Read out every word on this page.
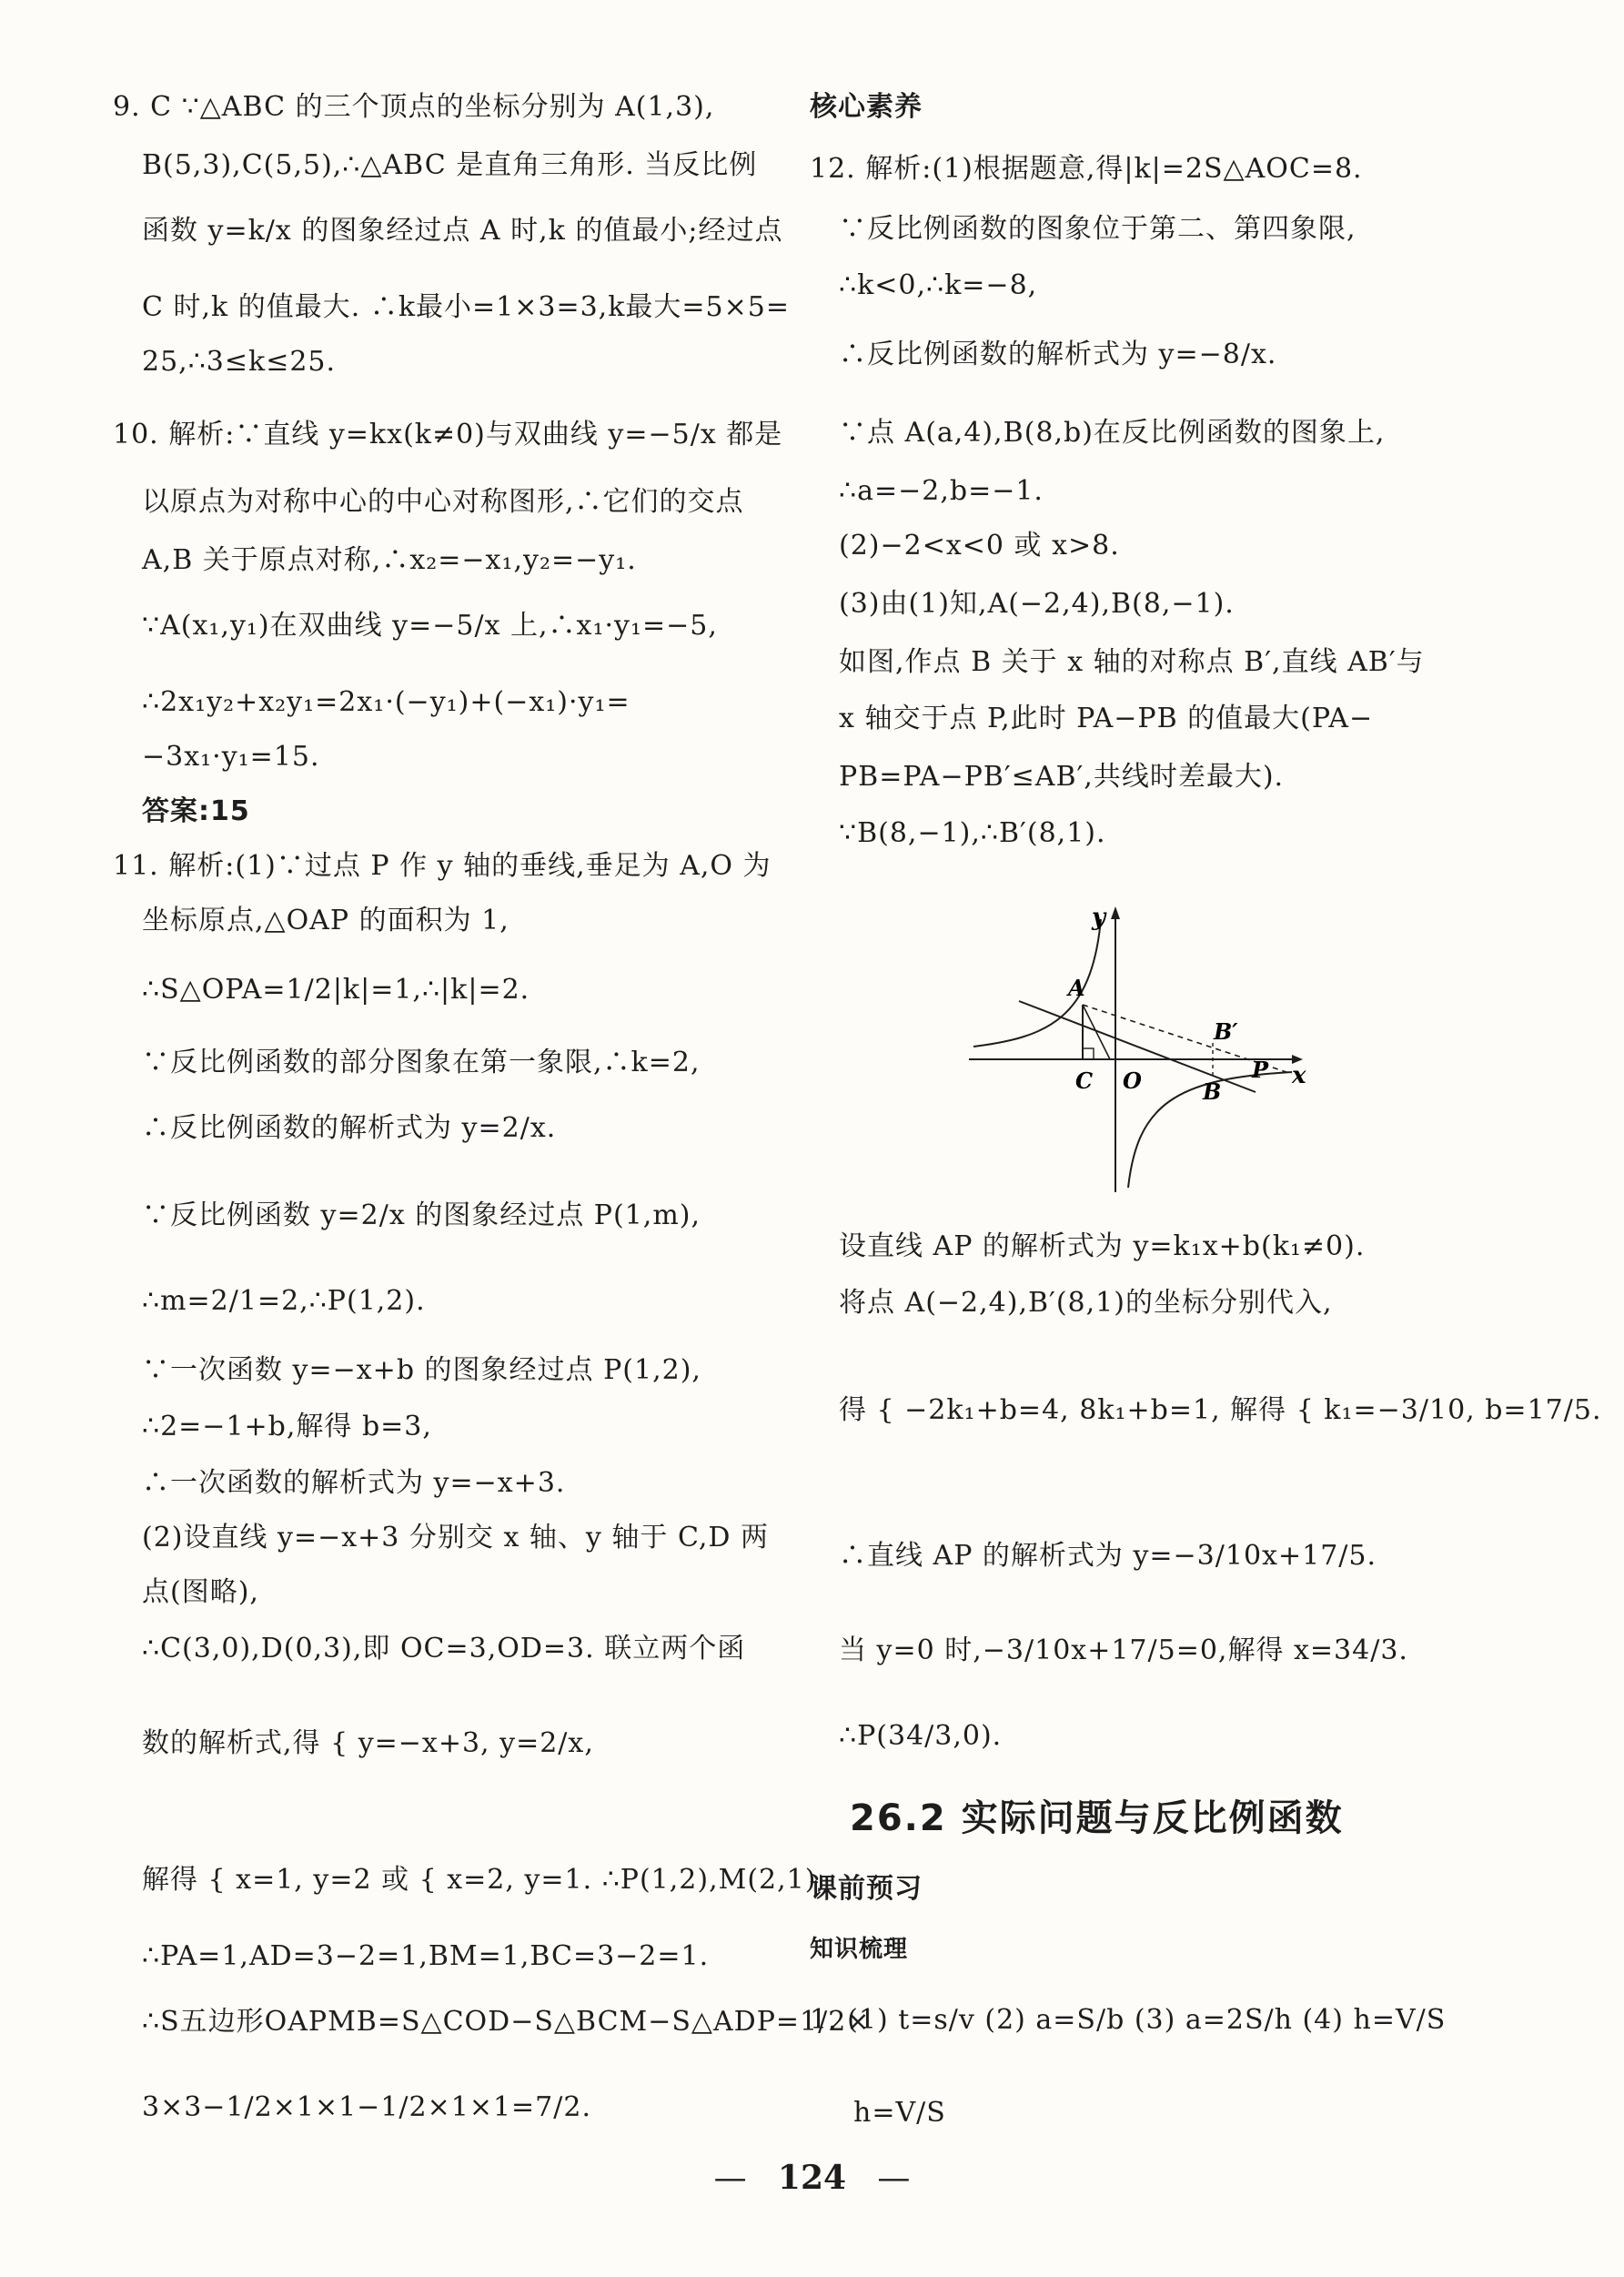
9. C ∵△ABC 的三个顶点的坐标分别为 A(1,3),
B(5,3),C(5,5),∴△ABC 是直角三角形. 当反比例
函数 y=k/x 的图象经过点 A 时,k 的值最小;经过点
C 时,k 的值最大. ∴k最小=1×3=3,k最大=5×5=
25,∴3≤k≤25.
10. 解析:∵直线 y=kx(k≠0)与双曲线 y=−5/x 都是
以原点为对称中心的中心对称图形,∴它们的交点
A,B 关于原点对称,∴x₂=−x₁,y₂=−y₁.
∵A(x₁,y₁)在双曲线 y=−5/x 上,∴x₁·y₁=−5,
∴2x₁y₂+x₂y₁=2x₁·(−y₁)+(−x₁)·y₁=
−3x₁·y₁=15.
答案:15
11. 解析:(1)∵过点 P 作 y 轴的垂线,垂足为 A,O 为
坐标原点,△OAP 的面积为 1,
∴S△OPA=1/2|k|=1,∴|k|=2.
∵反比例函数的部分图象在第一象限,∴k=2,
∴反比例函数的解析式为 y=2/x.
∵反比例函数 y=2/x 的图象经过点 P(1,m),
∴m=2/1=2,∴P(1,2).
∵一次函数 y=−x+b 的图象经过点 P(1,2),
∴2=−1+b,解得 b=3,
∴一次函数的解析式为 y=−x+3.
(2)设直线 y=−x+3 分别交 x 轴、y 轴于 C,D 两
点(图略),
∴C(3,0),D(0,3),即 OC=3,OD=3. 联立两个函
数的解析式,得 { y=−x+3, y=2/x,
解得 { x=1, y=2 或 { x=2, y=1. ∴P(1,2),M(2,1),
∴PA=1,AD=3−2=1,BM=1,BC=3−2=1.
∴S五边形OAPMB=S△COD−S△BCM−S△ADP=1/2×
3×3−1/2×1×1−1/2×1×1=7/2.
核心素养
12. 解析:(1)根据题意,得|k|=2S△AOC=8.
∵反比例函数的图象位于第二、第四象限,
∴k<0,∴k=−8,
∴反比例函数的解析式为 y=−8/x.
∵点 A(a,4),B(8,b)在反比例函数的图象上,
∴a=−2,b=−1.
(2)−2<x<0 或 x>8.
(3)由(1)知,A(−2,4),B(8,−1).
如图,作点 B 关于 x 轴的对称点 B′,直线 AB′与
x 轴交于点 P,此时 PA−PB 的值最大(PA−
PB=PA−PB′≤AB′,共线时差最大).
∵B(8,−1),∴B′(8,1).
设直线 AP 的解析式为 y=k₁x+b(k₁≠0).
将点 A(−2,4),B′(8,1)的坐标分别代入,
得 { −2k₁+b=4, 8k₁+b=1, 解得 { k₁=−3/10, b=17/5.
∴直线 AP 的解析式为 y=−3/10x+17/5.
当 y=0 时,−3/10x+17/5=0,解得 x=34/3.
∴P(34/3,0).
26.2 实际问题与反比例函数
课前预习
知识梳理
1. (1) t=s/v (2) a=S/b (3) a=2S/h (4) h=V/S
h=V/S
y
x
A
B′
C O	B
P
— 124 —
